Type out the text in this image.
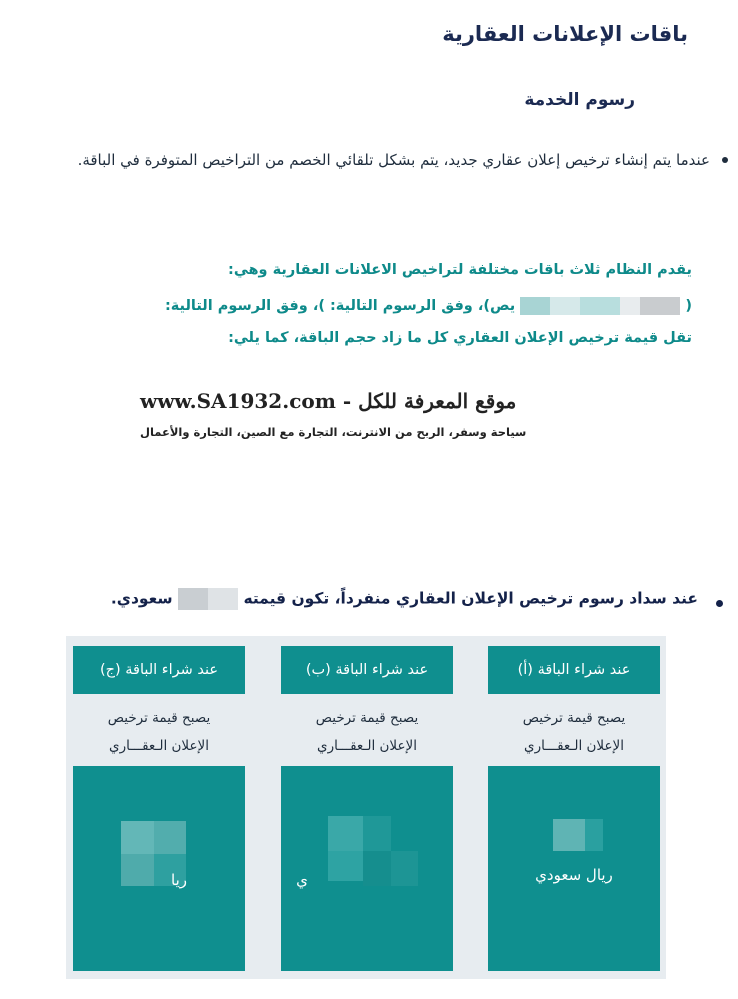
باقات الإعلانات العقارية
رسوم الخدمة
عندما يتم إنشاء ترخيص إعلان عقاري جديد، يتم بشكل تلقائي الخصم من التراخيص المتوفرة في الباقة.
يقدم النظام ثلاث باقات مختلفة لتراخيص الاعلانات العقارية وهي:
(  يص)، وفق الرسوم التالية: )، وفق الرسوم التالية:
تقل قيمة ترخيص الإعلان العقاري كل ما زاد حجم الباقة، كما يلي:
www.SA1932.com - موقع المعرفة للكل
سياحة وسفر، الربح من الانترنت، التجارة مع الصين، التجارة والأعمال
عند سداد رسوم ترخيص الإعلان العقاري منفرداً، تكون قيمته  سعودي.
عند شراء الباقة (أ)
يصبح قيمة ترخيص
الإعلان الـعقـــاري
ريال سعودي
عند شراء الباقة (ب)
يصبح قيمة ترخيص
الإعلان الـعقـــاري
ي
عند شراء الباقة (ج)
يصبح قيمة ترخيص
الإعلان الـعقـــاري
ريا
